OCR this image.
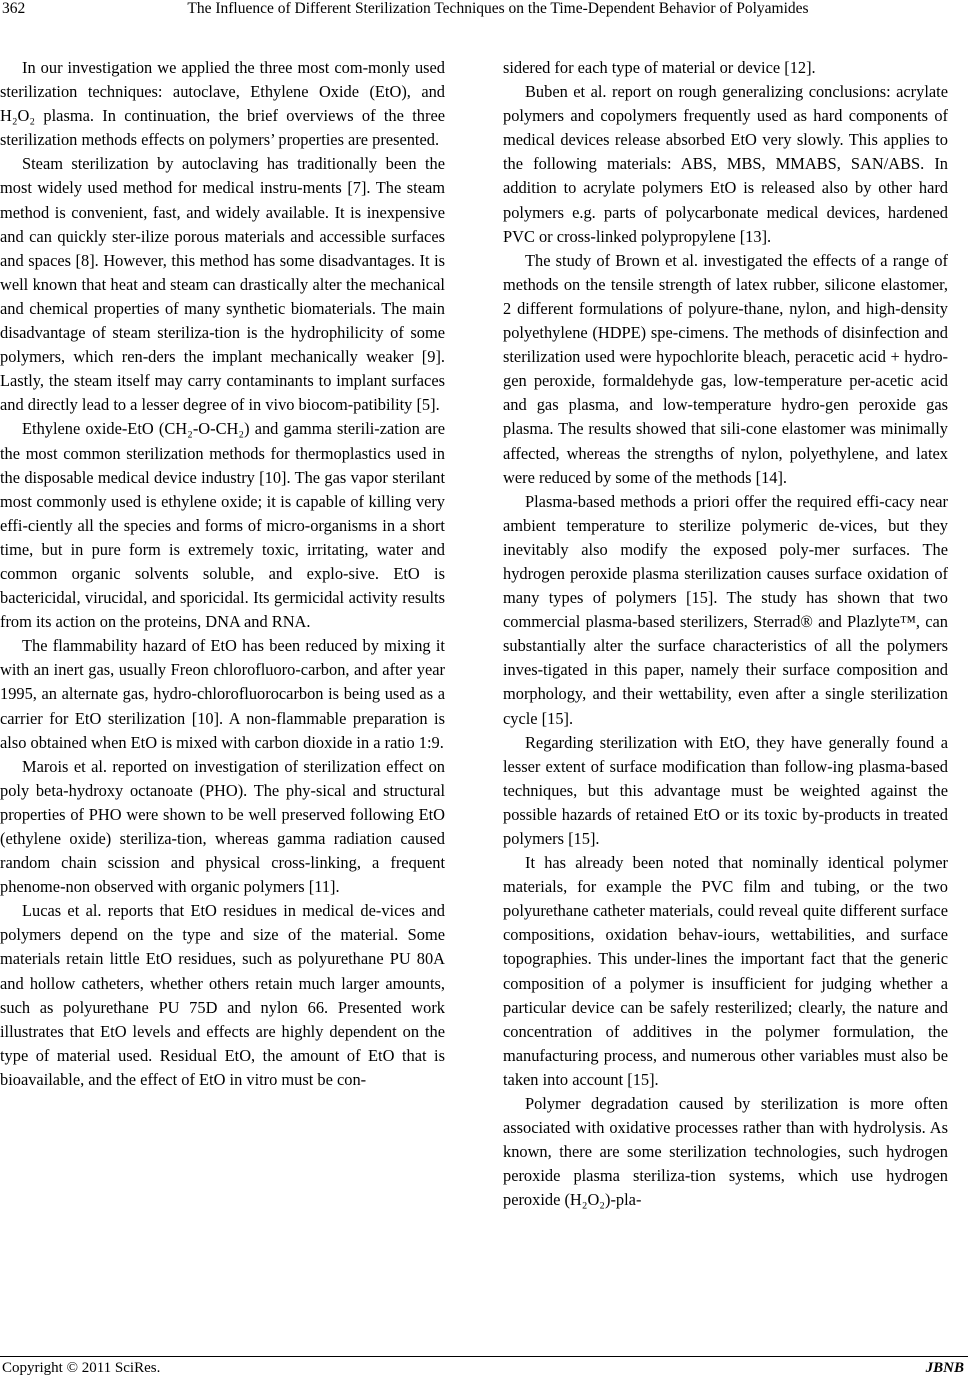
362	The Influence of Different Sterilization Techniques on the Time-Dependent Behavior of Polyamides

In our investigation we applied the three most com-monly used sterilization techniques: autoclave, Ethylene Oxide (EtO), and H₂O₂ plasma. In continuation, the brief overviews of the three sterilization methods effects on polymers’ properties are presented.

Steam sterilization by autoclaving has traditionally been the most widely used method for medical instru-ments [7]. The steam method is convenient, fast, and widely available. It is inexpensive and can quickly ster-ilize porous materials and accessible surfaces and spaces [8]. However, this method has some disadvantages. It is well known that heat and steam can drastically alter the mechanical and chemical properties of many synthetic biomaterials. The main disadvantage of steam steriliza-tion is the hydrophilicity of some polymers, which ren-ders the implant mechanically weaker [9]. Lastly, the steam itself may carry contaminants to implant surfaces and directly lead to a lesser degree of in vivo biocom-patibility [5].

Ethylene oxide-EtO (CH₂-O-CH₂) and gamma sterili-zation are the most common sterilization methods for thermoplastics used in the disposable medical device industry [10]. The gas vapor sterilant most commonly used is ethylene oxide; it is capable of killing very effi-ciently all the species and forms of micro-organisms in a short time, but in pure form is extremely toxic, irritating, water and common organic solvents soluble, and explo-sive. EtO is bactericidal, virucidal, and sporicidal. Its germicidal activity results from its action on the proteins, DNA and RNA.

The flammability hazard of EtO has been reduced by mixing it with an inert gas, usually Freon chlorofluoro-carbon, and after year 1995, an alternate gas, hydro-chlorofluorocarbon is being used as a carrier for EtO sterilization [10]. A non-flammable preparation is also obtained when EtO is mixed with carbon dioxide in a ratio 1:9.

Marois et al. reported on investigation of sterilization effect on poly beta-hydroxy octanoate (PHO). The phy-sical and structural properties of PHO were shown to be well preserved following EtO (ethylene oxide) steriliza-tion, whereas gamma radiation caused random chain scission and physical cross-linking, a frequent phenome-non observed with organic polymers [11].

Lucas et al. reports that EtO residues in medical de-vices and polymers depend on the type and size of the material. Some materials retain little EtO residues, such as polyurethane PU 80A and hollow catheters, whether others retain much larger amounts, such as polyurethane PU 75D and nylon 66. Presented work illustrates that EtO levels and effects are highly dependent on the type of material used. Residual EtO, the amount of EtO that is bioavailable, and the effect of EtO in vitro must be con-

sidered for each type of material or device [12].

Buben et al. report on rough generalizing conclusions: acrylate polymers and copolymers frequently used as hard components of medical devices release absorbed EtO very slowly. This applies to the following materials: ABS, MBS, MMABS, SAN/ABS. In addition to acrylate polymers EtO is released also by other hard polymers e.g. parts of polycarbonate medical devices, hardened PVC or cross-linked polypropylene [13].

The study of Brown et al. investigated the effects of a range of methods on the tensile strength of latex rubber, silicone elastomer, 2 different formulations of polyure-thane, nylon, and high-density polyethylene (HDPE) spe-cimens. The methods of disinfection and sterilization used were hypochlorite bleach, peracetic acid + hydro-gen peroxide, formaldehyde gas, low-temperature per-acetic acid and gas plasma, and low-temperature hydro-gen peroxide gas plasma. The results showed that sili-cone elastomer was minimally affected, whereas the strengths of nylon, polyethylene, and latex were reduced by some of the methods [14].

Plasma-based methods a priori offer the required effi-cacy near ambient temperature to sterilize polymeric de-vices, but they inevitably also modify the exposed poly-mer surfaces. The hydrogen peroxide plasma sterilization causes surface oxidation of many types of polymers [15]. The study has shown that two commercial plasma-based sterilizers, Sterrad® and Plazlyte™, can substantially alter the surface characteristics of all the polymers inves-tigated in this paper, namely their surface composition and morphology, and their wettability, even after a single sterilization cycle [15].

Regarding sterilization with EtO, they have generally found a lesser extent of surface modification than follow-ing plasma-based techniques, but this advantage must be weighted against the possible hazards of retained EtO or its toxic by-products in treated polymers [15].

It has already been noted that nominally identical polymer materials, for example the PVC film and tubing, or the two polyurethane catheter materials, could reveal quite different surface compositions, oxidation behav-iours, wettabilities, and surface topographies. This under-lines the important fact that the generic composition of a polymer is insufficient for judging whether a particular device can be safely resterilized; clearly, the nature and concentration of additives in the polymer formulation, the manufacturing process, and numerous other variables must also be taken into account [15].

Polymer degradation caused by sterilization is more often associated with oxidative processes rather than with hydrolysis. As known, there are some sterilization technologies, such hydrogen peroxide plasma steriliza-tion systems, which use hydrogen peroxide (H₂O₂)-pla-

Copyright © 2011 SciRes.	JBNB
